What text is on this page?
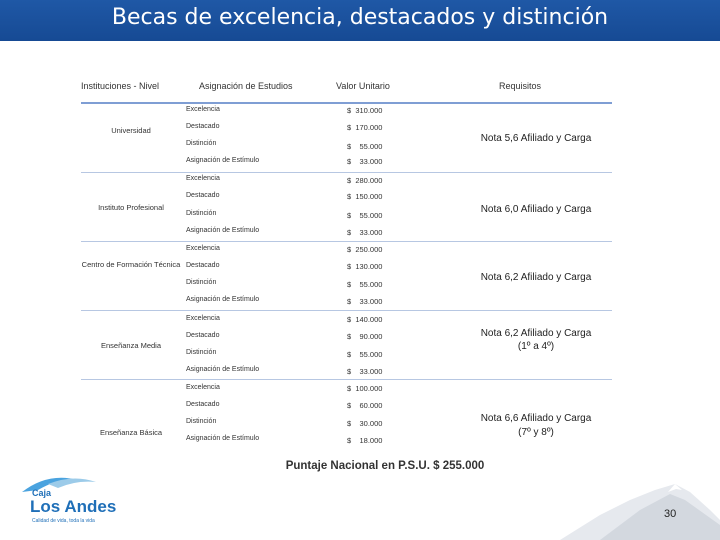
Becas de excelencia, destacados y distinción
Instituciones - Nivel	Asignación de Estudios	Valor Unitario	Requisitos
Universidad
Excelencia	$  310.000
Destacado	$  170.000
Distinción	$    55.000
Asignación de Estímulo	$    33.000
Nota 5,6 Afiliado y Carga
Instituto Profesional
Excelencia	$  280.000
Destacado	$  150.000
Distinción	$    55.000
Asignación de Estímulo	$    33.000
Nota 6,0 Afiliado y Carga
Centro de Formación Técnica
Excelencia	$  250.000
Destacado	$  130.000
Distinción	$    55.000
Asignación de Estímulo	$    33.000
Nota 6,2 Afiliado y Carga
Enseñanza Media
Excelencia	$  140.000
Destacado	$    90.000
Distinción	$    55.000
Asignación de Estímulo	$    33.000
Nota 6,2 Afiliado y Carga
(1º a 4º)
Enseñanza Básica
Excelencia	$  100.000
Destacado	$    60.000
Distinción	$    30.000
Asignación de Estímulo	$    18.000
Nota 6,6 Afiliado y Carga
(7º y 8º)
Puntaje Nacional en P.S.U. $ 255.000
Caja
Los Andes
Calidad de vida, toda la vida
30
